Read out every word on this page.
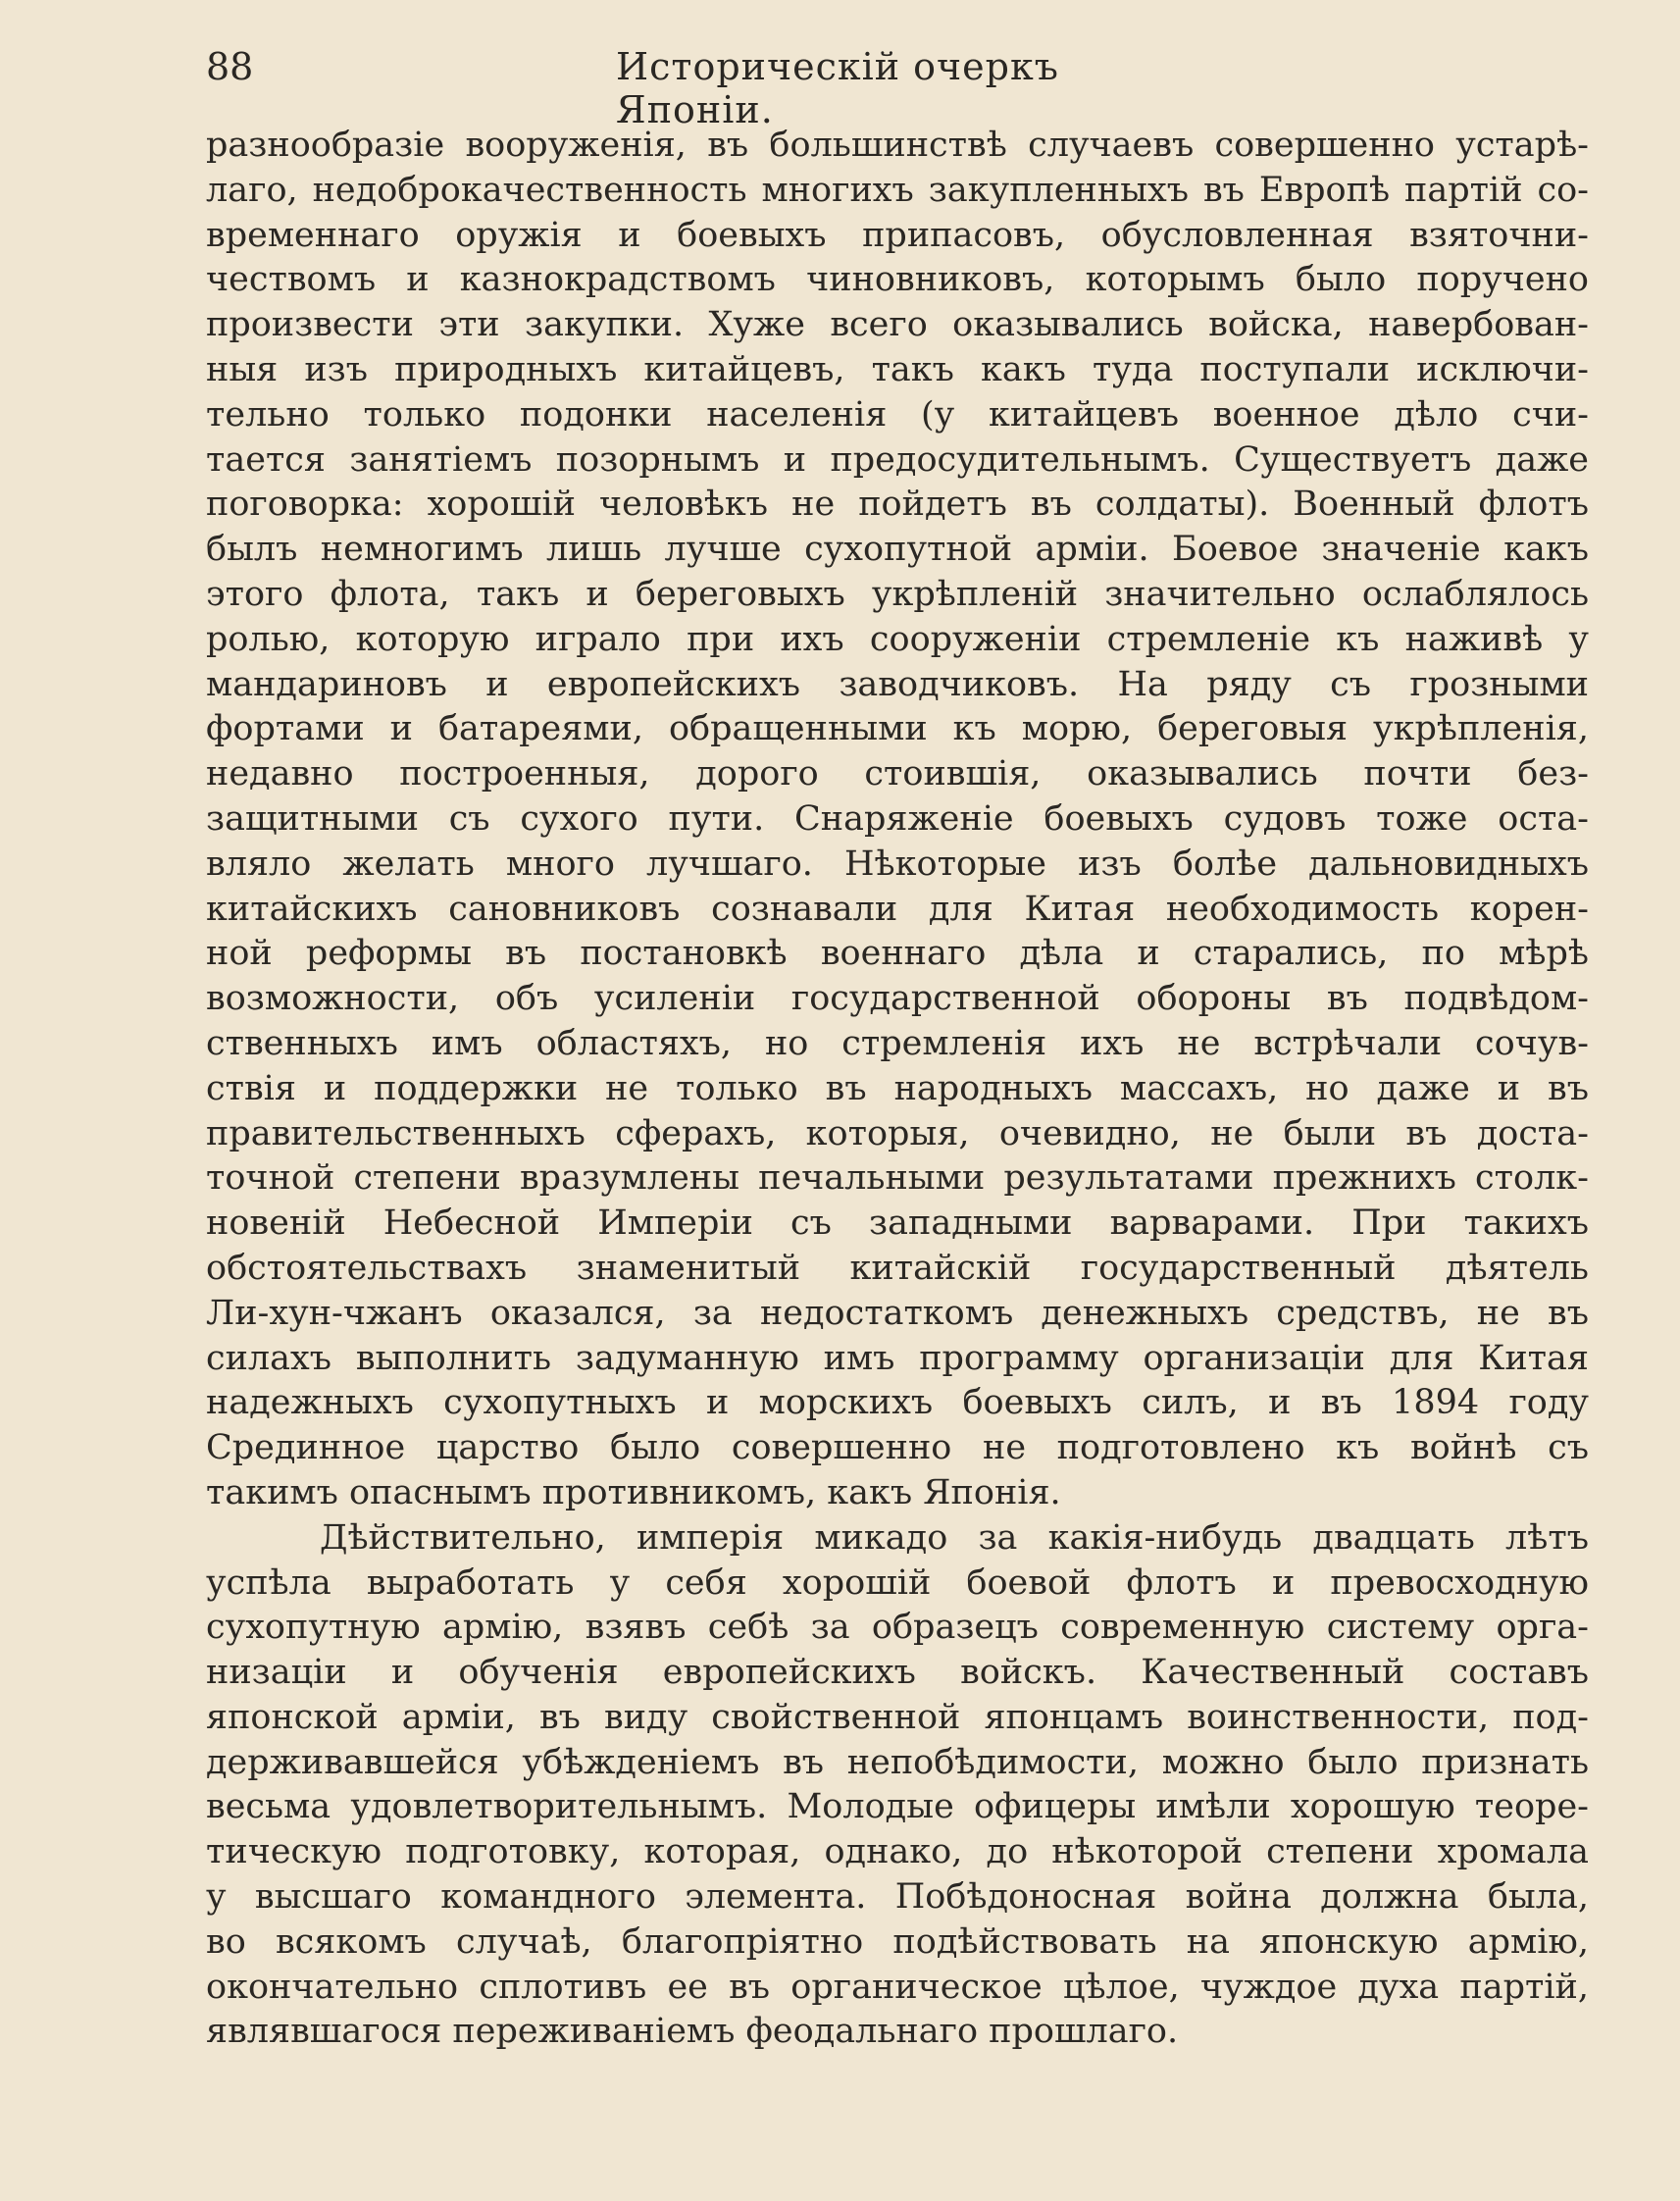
88	Историческій очеркъ Японіи.
разнообразіе вооруженія, въ большинствѣ случаевъ совершенно устарѣ-
лаго, недоброкачественность многихъ закупленныхъ въ Европѣ партій со-
временнаго оружія и боевыхъ припасовъ, обусловленная взяточни-
чествомъ и казнокрадствомъ чиновниковъ, которымъ было поручено
произвести эти закупки. Хуже всего оказывались войска, навербован-
ныя изъ природныхъ китайцевъ, такъ какъ туда поступали исключи-
тельно только подонки населенія (у китайцевъ военное дѣло счи-
тается занятіемъ позорнымъ и предосудительнымъ. Существуетъ даже
поговорка: хорошій человѣкъ не пойдетъ въ солдаты). Военный флотъ
былъ немногимъ лишь лучше сухопутной арміи. Боевое значеніе какъ
этого флота, такъ и береговыхъ укрѣпленій значительно ослаблялось
ролью, которую играло при ихъ сооруженіи стремленіе къ наживѣ у
мандариновъ и европейскихъ заводчиковъ. На ряду съ грозными
фортами и батареями, обращенными къ морю, береговыя укрѣпленія,
недавно построенныя, дорого стоившія, оказывались почти без-
защитными съ сухого пути. Снаряженіе боевыхъ судовъ тоже оста-
вляло желать много лучшаго. Нѣкоторые изъ болѣе дальновидныхъ
китайскихъ сановниковъ сознавали для Китая необходимость корен-
ной реформы въ постановкѣ военнаго дѣла и старались, по мѣрѣ
возможности, объ усиленіи государственной обороны въ подвѣдом-
ственныхъ имъ областяхъ, но стремленія ихъ не встрѣчали сочув-
ствія и поддержки не только въ народныхъ массахъ, но даже и въ
правительственныхъ сферахъ, которыя, очевидно, не были въ доста-
точной степени вразумлены печальными результатами прежнихъ столк-
новеній Небесной Имперіи съ западными варварами. При такихъ
обстоятельствахъ знаменитый китайскій государственный дѣятель
Ли-хун-чжанъ оказался, за недостаткомъ денежныхъ средствъ, не въ
силахъ выполнить задуманную имъ программу организаціи для Китая
надежныхъ сухопутныхъ и морскихъ боевыхъ силъ, и въ 1894 году
Срединное царство было совершенно не подготовлено къ войнѣ съ
такимъ опаснымъ противникомъ, какъ Японія.
Дѣйствительно, имперія микадо за какія-нибудь двадцать лѣтъ
успѣла выработать у себя хорошій боевой флотъ и превосходную
сухопутную армію, взявъ себѣ за образецъ современную систему орга-
низаціи и обученія европейскихъ войскъ. Качественный составъ
японской арміи, въ виду свойственной японцамъ воинственности, под-
держивавшейся убѣжденіемъ въ непобѣдимости, можно было признать
весьма удовлетворительнымъ. Молодые офицеры имѣли хорошую теоре-
тическую подготовку, которая, однако, до нѣкоторой степени хромала
у высшаго командного элемента. Побѣдоносная война должна была,
во всякомъ случаѣ, благопріятно подѣйствовать на японскую армію,
окончательно сплотивъ ее въ органическое цѣлое, чуждое духа партій,
являвшагося переживаніемъ феодальнаго прошлаго.
